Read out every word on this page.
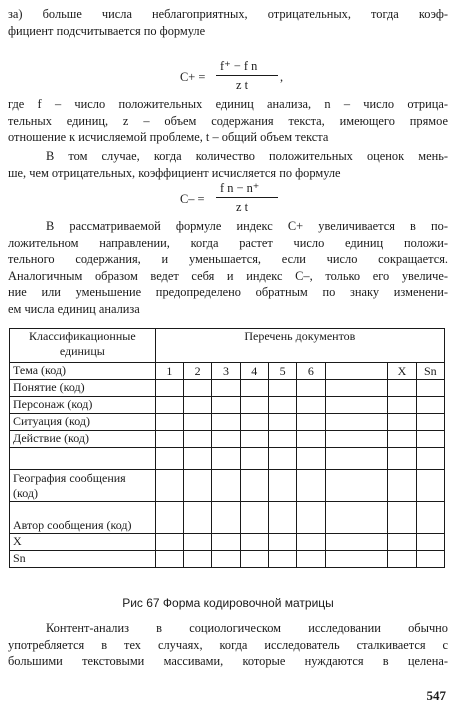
за) больше числа неблагоприятных, отрицательных, тогда коэф-
фициент подсчитывается по формуле
C+ =
f⁺ − f n
z t
,
где f – число положительных единиц анализа, n – число отрица-
тельных единиц, z – объем содержания текста, имеющего прямое
отношение к исчисляемой проблеме, t – общий объем текста
В том случае, когда количество положительных оценок мень-
ше, чем отрицательных, коэффициент исчисляется по формуле
C– =
f n − n⁺
z t
В рассматриваемой формуле индекс C+ увеличивается в по-
ложительном направлении, когда растет число единиц положи-
тельного содержания, и уменьшается, если число сокращается.
Аналогичным образом ведет себя и индекс C–, только его увеличе-
ние или уменьшение предопределено обратным по знаку изменени-
ем числа единиц анализа
Классификационные единицы	Перечень документов								
Тема (код)	1	2	3	4	5	6		X	Sn
Понятие (код)									
Персонаж (код)									
Ситуация (код)									
Действие (код)									

География сообщения (код)									
Автор сообщения (код)									
X									
Sn									
Рис 67 Форма кодировочной матрицы
Контент-анализ в социологическом исследовании обычно
употребляется в тех случаях, когда исследователь сталкивается с
большими текстовыми массивами, которые нуждаются в целена-
547
